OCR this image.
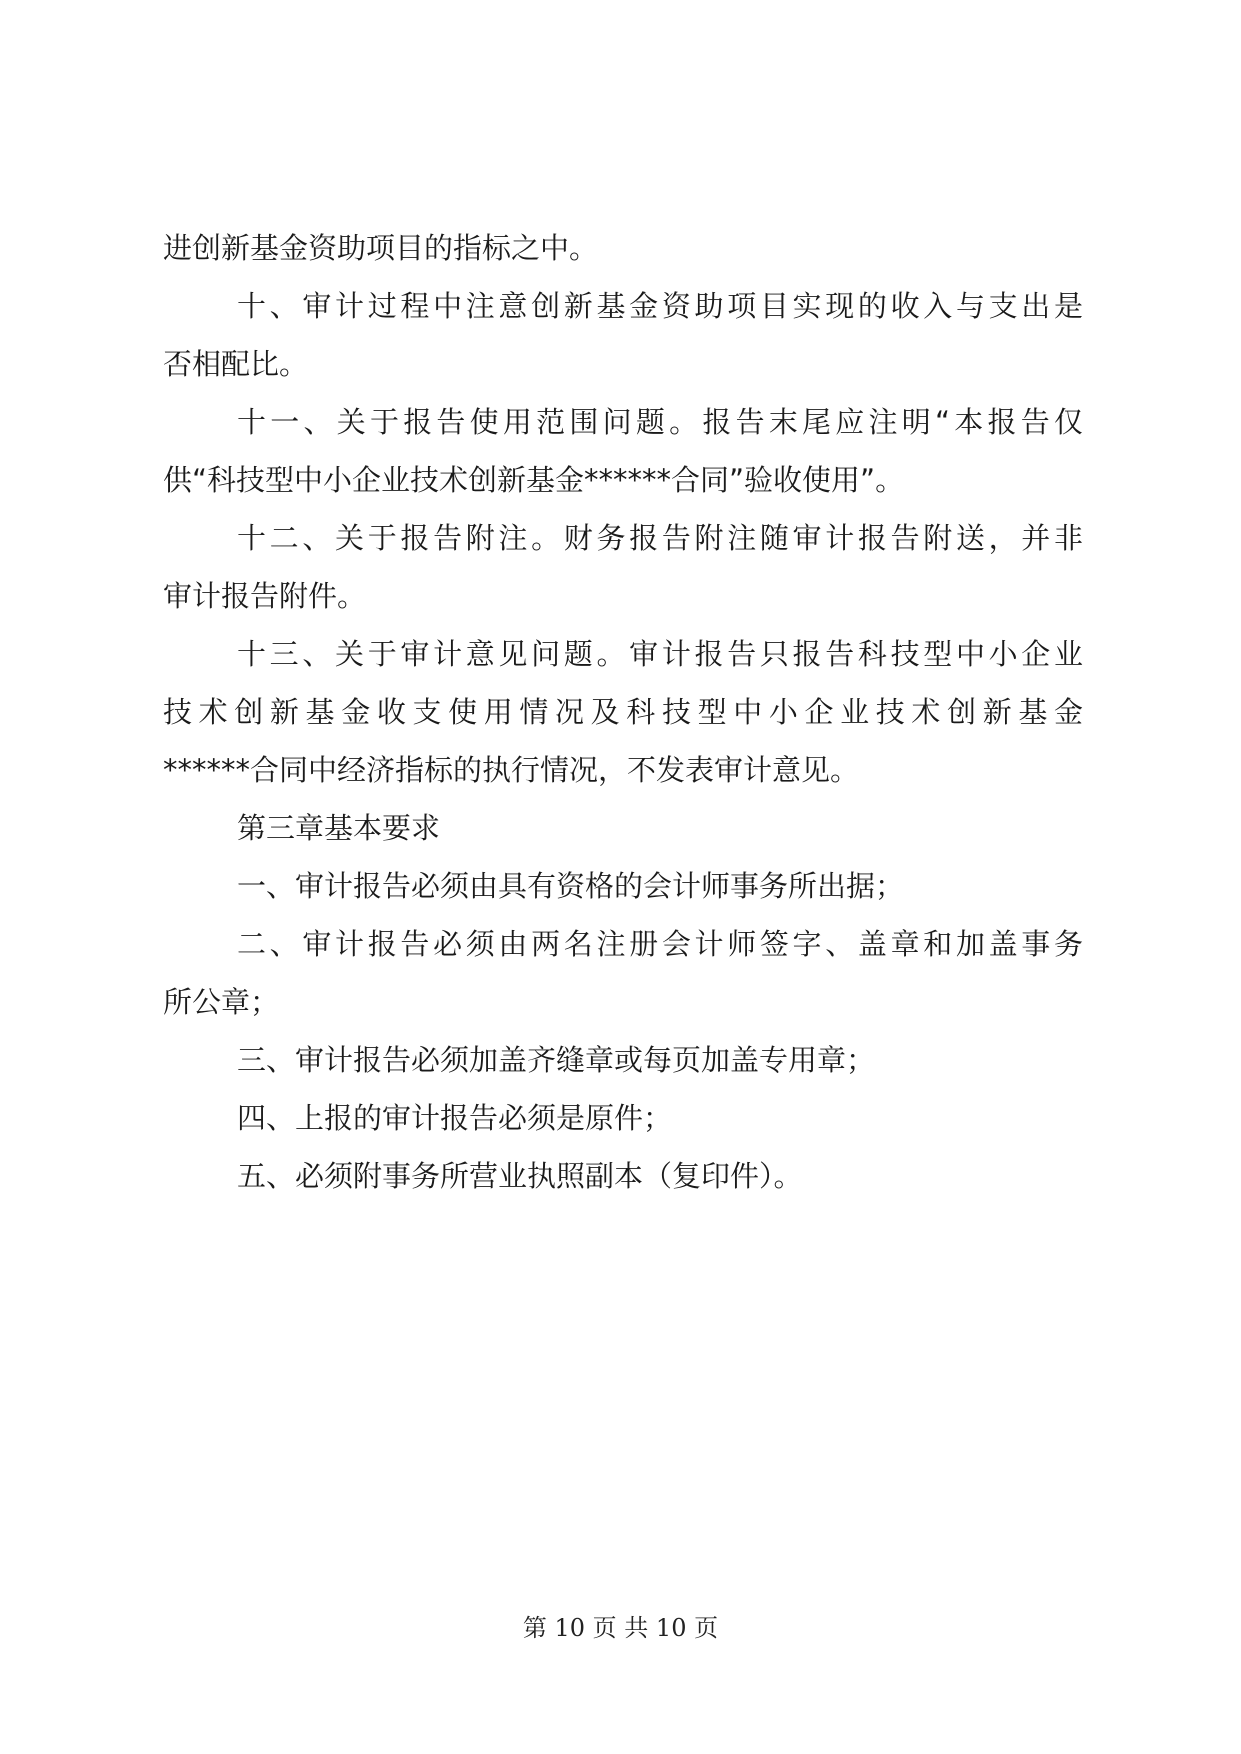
进创新基金资助项目的指标之中。
十、审计过程中注意创新基金资助项目实现的收入与支出是
否相配比。
十一、关于报告使用范围问题。报告末尾应注明“本报告仅
供“科技型中小企业技术创新基金******合同”验收使用”。
十二、关于报告附注。财务报告附注随审计报告附送，并非
审计报告附件。
十三、关于审计意见问题。审计报告只报告科技型中小企业
技术创新基金收支使用情况及科技型中小企业技术创新基金
******合同中经济指标的执行情况，不发表审计意见。
第三章基本要求
一、审计报告必须由具有资格的会计师事务所出据；
二、审计报告必须由两名注册会计师签字、盖章和加盖事务
所公章；
三、审计报告必须加盖齐缝章或每页加盖专用章；
四、上报的审计报告必须是原件；
五、必须附事务所营业执照副本（复印件）。
第 10 页 共 10 页
